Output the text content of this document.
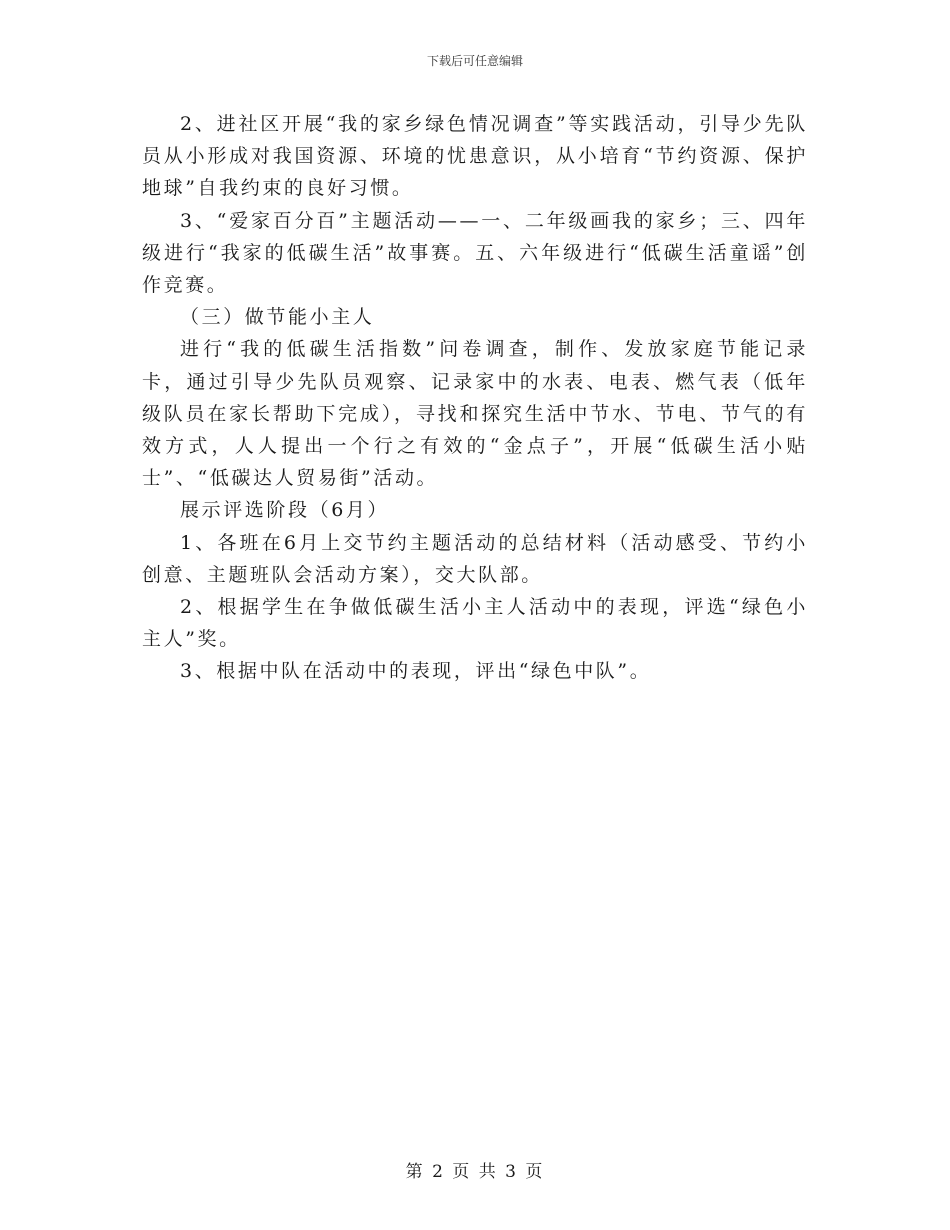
下载后可任意编辑

2、进社区开展“我的家乡绿色情况调查”等实践活动，引导少先队员从小形成对我国资源、环境的忧患意识，从小培育“节约资源、保护地球”自我约束的良好习惯。

3、“爱家百分百”主题活动——一、二年级画我的家乡；三、四年级进行“我家的低碳生活”故事赛。五、六年级进行“低碳生活童谣”创作竞赛。

（三）做节能小主人

进行“我的低碳生活指数”问卷调查，制作、发放家庭节能记录卡，通过引导少先队员观察、记录家中的水表、电表、燃气表（低年级队员在家长帮助下完成），寻找和探究生活中节水、节电、节气的有效方式，人人提出一个行之有效的“金点子”，开展“低碳生活小贴士”、“低碳达人贸易街”活动。

展示评选阶段（6月）

1、各班在6月上交节约主题活动的总结材料（活动感受、节约小创意、主题班队会活动方案），交大队部。

2、根据学生在争做低碳生活小主人活动中的表现，评选“绿色小主人”奖。

3、根据中队在活动中的表现，评出“绿色中队”。

第 2 页 共 3 页
